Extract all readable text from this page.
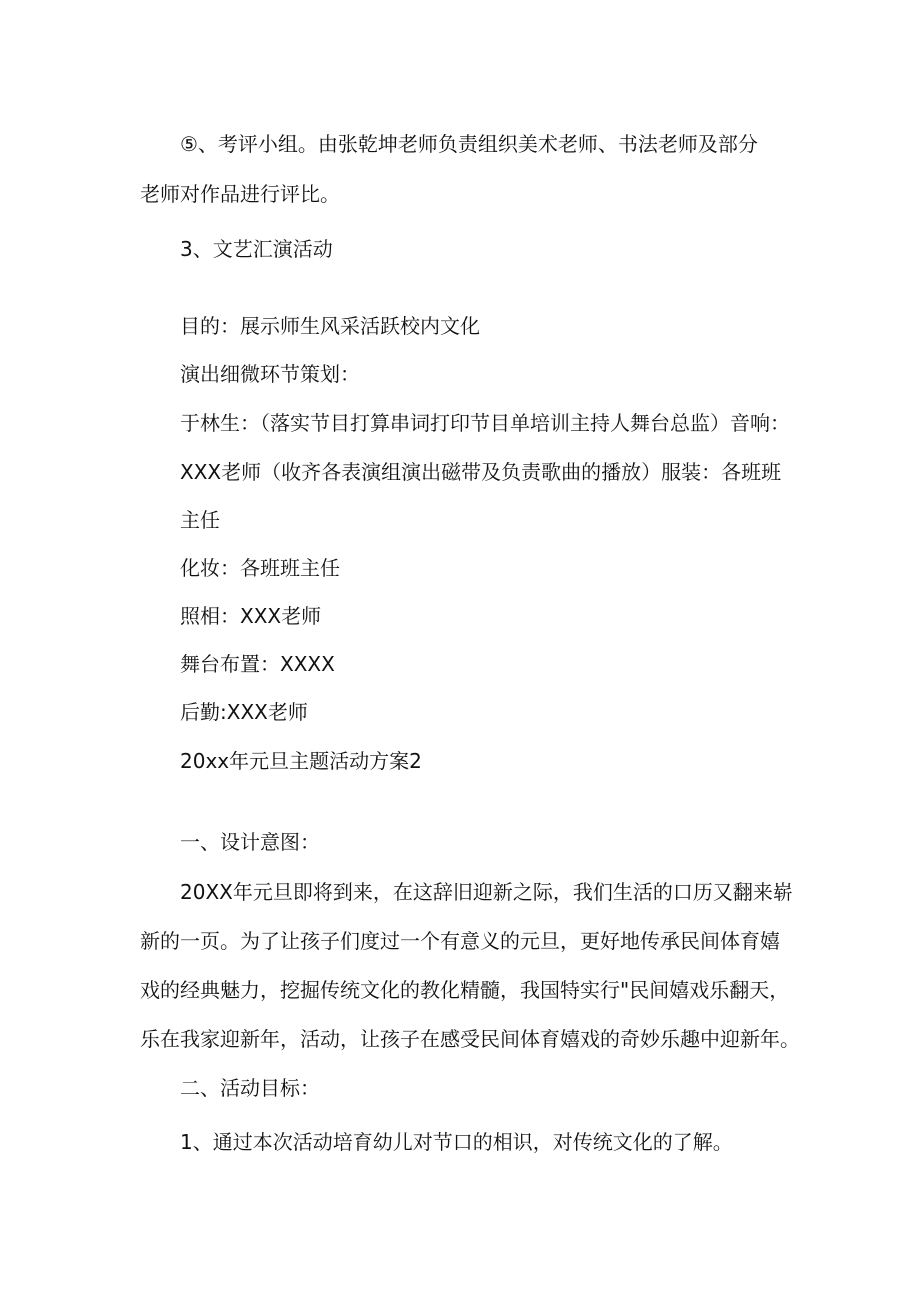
⑤、考评小组。由张乾坤老师负责组织美术老师、书法老师及部分

老师对作品进行评比。

3、文艺汇演活动

目的：展示师生风采活跃校内文化

演出细微环节策划：

于林生：（落实节目打算串词打印节目单培训主持人舞台总监）音响：

XXX老师（收齐各表演组演出磁带及负责歌曲的播放）服装：各班班

主任

化妆：各班班主任

照相：XXX老师

舞台布置：XXXX

后勤:XXX老师

20xx年元旦主题活动方案2

一、设计意图：

20XX年元旦即将到来，在这辞旧迎新之际，我们生活的口历又翻来崭

新的一页。为了让孩子们度过一个有意义的元旦，更好地传承民间体育嬉

戏的经典魅力，挖掘传统文化的教化精髓，我国特实行"民间嬉戏乐翻天，

乐在我家迎新年，活动，让孩子在感受民间体育嬉戏的奇妙乐趣中迎新年。

二、活动目标：

1、通过本次活动培育幼儿对节口的相识，对传统文化的了解。
